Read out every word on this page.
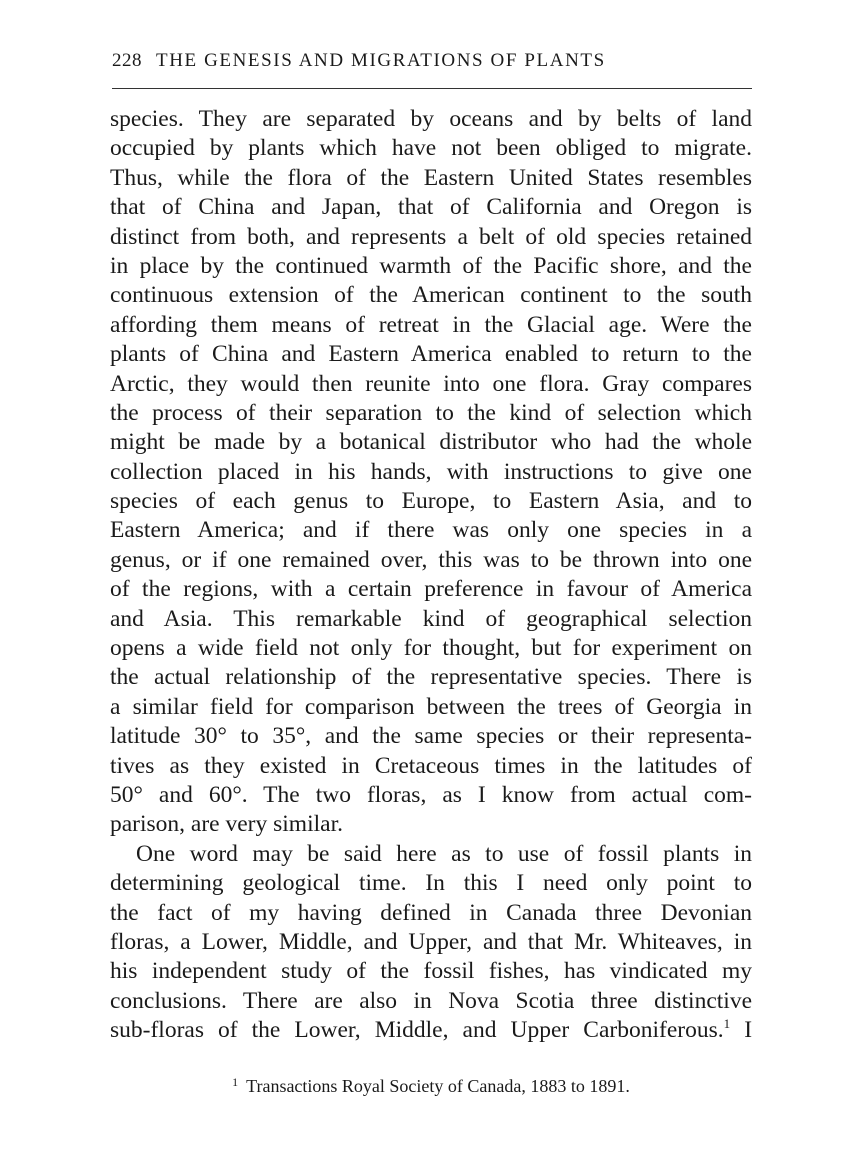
228 THE GENESIS AND MIGRATIONS OF PLANTS
species. They are separated by oceans and by belts of land
occupied by plants which have not been obliged to migrate.
Thus, while the flora of the Eastern United States resembles
that of China and Japan, that of California and Oregon is
distinct from both, and represents a belt of old species retained
in place by the continued warmth of the Pacific shore, and the
continuous extension of the American continent to the south
affording them means of retreat in the Glacial age. Were the
plants of China and Eastern America enabled to return to the
Arctic, they would then reunite into one flora. Gray compares
the process of their separation to the kind of selection which
might be made by a botanical distributor who had the whole
collection placed in his hands, with instructions to give one
species of each genus to Europe, to Eastern Asia, and to
Eastern America; and if there was only one species in a
genus, or if one remained over, this was to be thrown into one
of the regions, with a certain preference in favour of America
and Asia. This remarkable kind of geographical selection
opens a wide field not only for thought, but for experiment on
the actual relationship of the representative species. There is
a similar field for comparison between the trees of Georgia in
latitude 30° to 35°, and the same species or their representa-
tives as they existed in Cretaceous times in the latitudes of
50° and 60°. The two floras, as I know from actual com-
parison, are very similar.
One word may be said here as to use of fossil plants in
determining geological time. In this I need only point to
the fact of my having defined in Canada three Devonian
floras, a Lower, Middle, and Upper, and that Mr. Whiteaves, in
his independent study of the fossil fishes, has vindicated my
conclusions. There are also in Nova Scotia three distinctive
sub-floras of the Lower, Middle, and Upper Carboniferous.$^1$ I
$^1$ Transactions Royal Society of Canada, 1883 to 1891.
